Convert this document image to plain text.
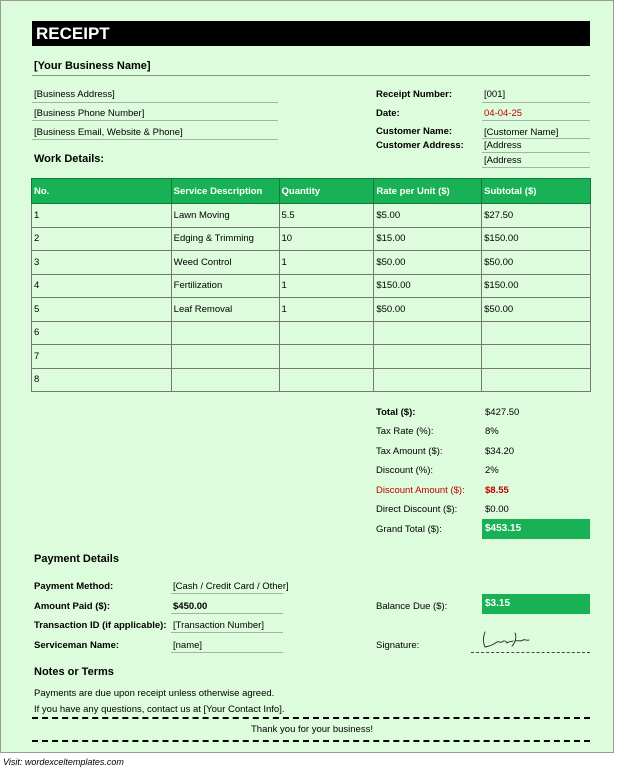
RECEIPT
[Your Business Name]
[Business Address]
[Business Phone Number]
[Business Email, Website & Phone]
Receipt Number:	[001]
Date:	04-04-25
Customer Name:	[Customer Name]
Customer Address: [Address
[Address
Work Details:
No.	Service Description	Quantity	Rate per Unit ($)	Subtotal ($)
1	Lawn Moving	5.5	$5.00	$27.50
2	Edging & Trimming	10	$15.00	$150.00
3	Weed Control	1	$50.00	$50.00
4	Fertilization	1	$150.00	$150.00
5	Leaf Removal	1	$50.00	$50.00
6				
7				
8				
Total ($):	$427.50
Tax Rate (%):	8%
Tax Amount ($):	$34.20
Discount (%):	2%
Discount Amount ($): $8.55
Direct Discount ($):	$0.00
Grand Total ($):	$453.15
Payment Details
Payment Method:	[Cash / Credit Card / Other]
Amount Paid ($):	$450.00
Transaction ID (if applicable): [Transaction Number]
Serviceman Name:	[name]
Balance Due ($):	$3.15
Signature:
Notes or Terms
Payments are due upon receipt unless otherwise agreed.
If you have any questions, contact us at [Your Contact Info].
Thank you for your business!
Visit: wordexceltemplates.com
